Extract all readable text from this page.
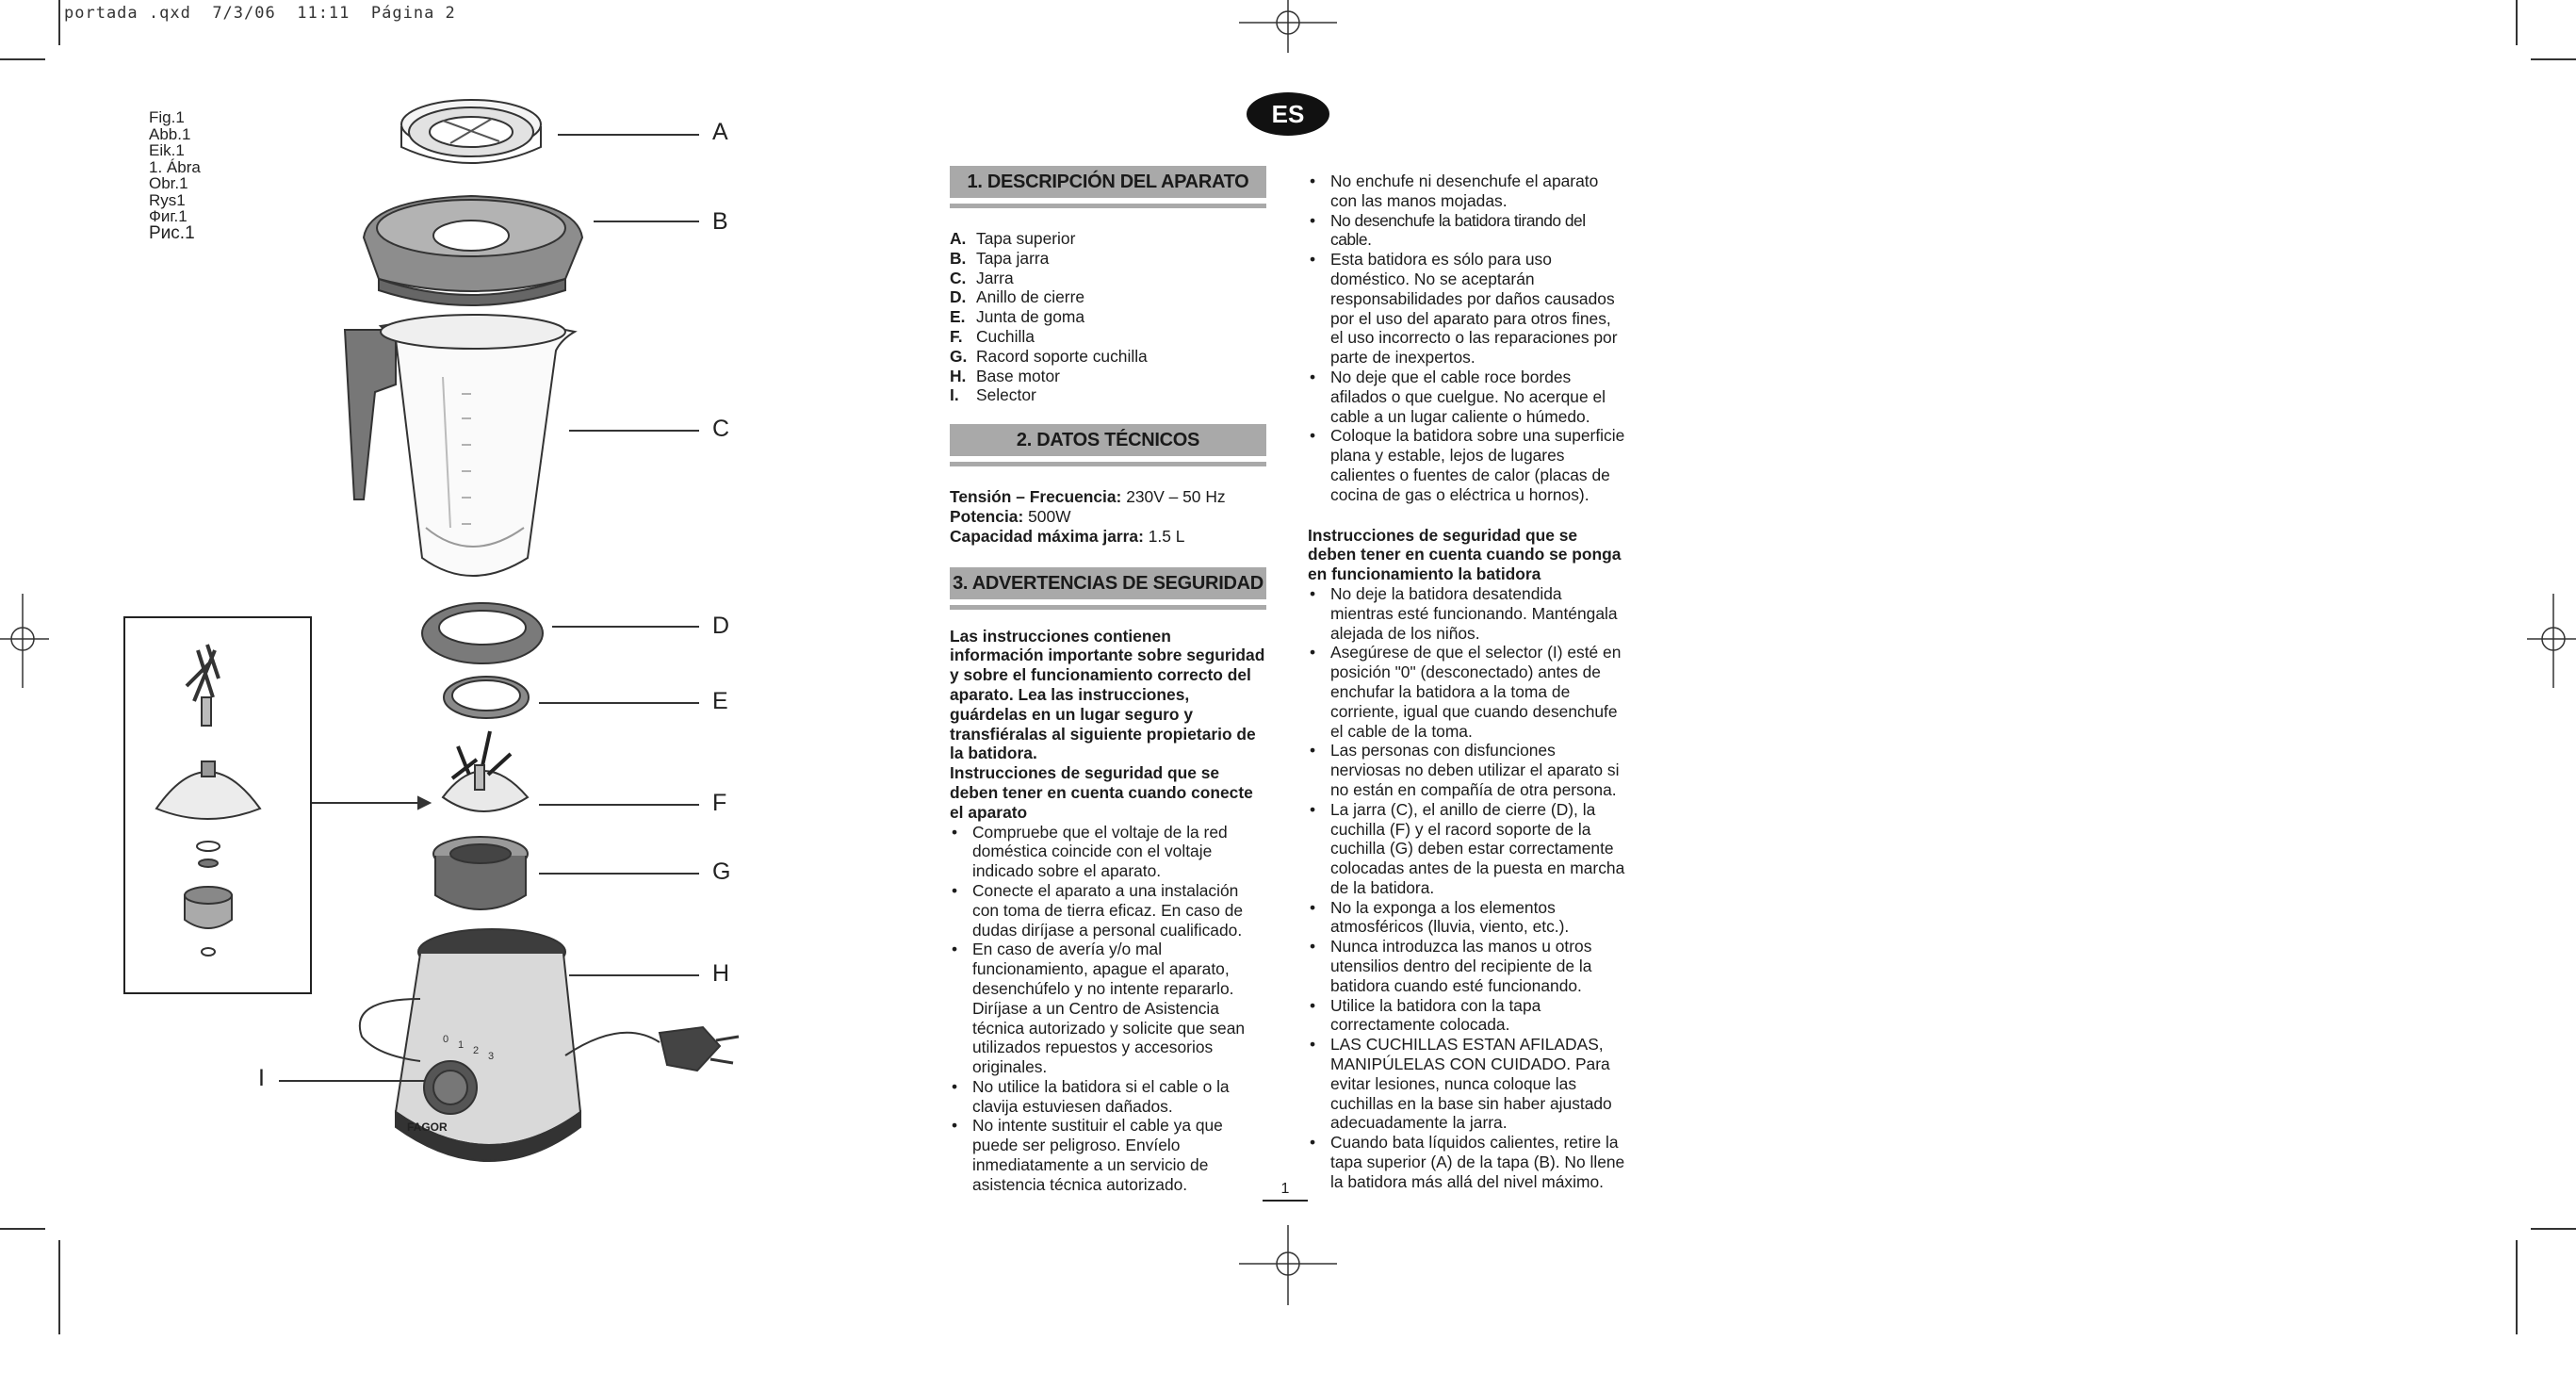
portada .qxd 7/3/06 11:11 Página 2
Fig.1
Abb.1
Eik.1
1. Ábra
Obr.1
Rys1
Фиг.1
Рис.1
0 1 2 3
FAGOR
A
B
C
D
E
F
G
H
I
ES
1. DESCRIPCIÓN DEL APARATO
A. Tapa superior
B. Tapa jarra
C. Jarra
D. Anillo de cierre
E. Junta de goma
F. Cuchilla
G. Racord soporte cuchilla
H. Base motor
I.	Selector
2. DATOS TÉCNICOS
Tensión – Frecuencia: 230V – 50 Hz
Potencia: 500W
Capacidad máxima jarra: 1.5 L
3. ADVERTENCIAS DE SEGURIDAD

Las instrucciones contienen información importante sobre seguridad y sobre el funcionamiento correcto del aparato. Lea las instrucciones, guárdelas en un lugar seguro y transfiéralas al siguiente propietario de la batidora.

Instrucciones de seguridad que se deben tener en cuenta cuando conecte el aparato

• Compruebe que el voltaje de la red doméstica coincide con el voltaje indicado sobre el aparato.
• Conecte el aparato a una instalación con toma de tierra eficaz. En caso de dudas diríjase a personal cualificado.
• En caso de avería y/o mal funcionamiento, apague el aparato, desenchúfelo y no intente repararlo. Diríjase a un Centro de Asistencia técnica autorizado y solicite que sean utilizados repuestos y accesorios originales.
• No utilice la batidora si el cable o la clavija estuviesen dañados.
• No intente sustituir el cable ya que puede ser peligroso. Envíelo inmediatamente a un servicio de asistencia técnica autorizado.
• No enchufe ni desenchufe el aparato con las manos mojadas.
• No desenchufe la batidora tirando del cable.
• Esta batidora es sólo para uso doméstico. No se aceptarán responsabilidades por daños causados por el uso del aparato para otros fines, el uso incorrecto o las reparaciones por parte de inexpertos.
• No deje que el cable roce bordes afilados o que cuelgue. No acerque el cable a un lugar caliente o húmedo.
• Coloque la batidora sobre una superficie plana y estable, lejos de lugares calientes o fuentes de calor (placas de cocina de gas o eléctrica u hornos).

Instrucciones de seguridad que se deben tener en cuenta cuando se ponga en funcionamiento la batidora

• No deje la batidora desatendida mientras esté funcionando. Manténgala alejada de los niños.
• Asegúrese de que el selector (I) esté en posición "0" (desconectado) antes de enchufar la batidora a la toma de corriente, igual que cuando desenchufe el cable de la toma.
• Las personas con disfunciones nerviosas no deben utilizar el aparato si no están en compañía de otra persona.
• La jarra (C), el anillo de cierre (D), la cuchilla (F) y el racord soporte de la cuchilla (G) deben estar correctamente colocadas antes de la puesta en marcha de la batidora.
• No la exponga a los elementos atmosféricos (lluvia, viento, etc.).
• Nunca introduzca las manos u otros utensilios dentro del recipiente de la batidora cuando esté funcionando.
• Utilice la batidora con la tapa correctamente colocada.
• LAS CUCHILLAS ESTAN AFILADAS, MANIPÚLELAS CON CUIDADO. Para evitar lesiones, nunca coloque las cuchillas en la base sin haber ajustado adecuadamente la jarra.
• Cuando bata líquidos calientes, retire la tapa superior (A) de la tapa (B). No llene la batidora más allá del nivel máximo.
1
